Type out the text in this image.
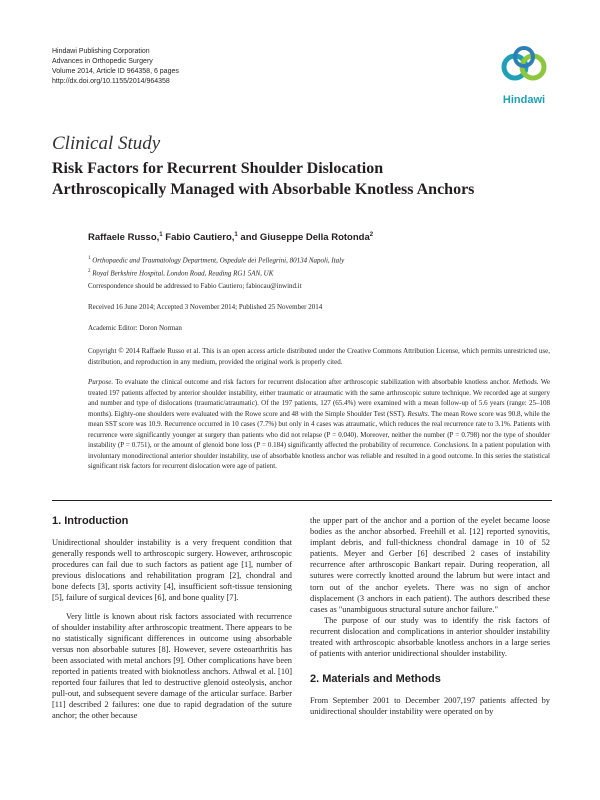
Hindawi Publishing Corporation
Advances in Orthopedic Surgery
Volume 2014, Article ID 964358, 6 pages
http://dx.doi.org/10.1155/2014/964358
Hindawi
Clinical Study
Risk Factors for Recurrent Shoulder Dislocation
Arthroscopically Managed with Absorbable Knotless Anchors
Raffaele Russo,$^1$ Fabio Cautiero,$^1$ and Giuseppe Della Rotonda$^2$
$^1$ Orthopaedic and Traumatology Department, Ospedale dei Pellegrini, 80134 Napoli, Italy
$^2$ Royal Berkshire Hospital, London Road, Reading RG1 5AN, UK
Correspondence should be addressed to Fabio Cautiero; fabiocau@inwind.it
Received 16 June 2014; Accepted 3 November 2014; Published 25 November 2014
Academic Editor: Doron Norman
Copyright © 2014 Raffaele Russo et al. This is an open access article distributed under the Creative Commons Attribution License, which permits unrestricted use, distribution, and reproduction in any medium, provided the original work is properly cited.
Purpose. To evaluate the clinical outcome and risk factors for recurrent dislocation after arthroscopic stabilization with absorbable knotless anchor. Methods. We treated 197 patients affected by anterior shoulder instability, either traumatic or atraumatic with the same arthroscopic suture technique. We recorded age at surgery and number and type of dislocations (traumatic/atraumatic). Of the 197 patients, 127 (65.4%) were examined with a mean follow-up of 5.6 years (range: 25–108 months). Eighty-one shoulders were evaluated with the Rowe score and 48 with the Simple Shoulder Test (SST). Results. The mean Rowe score was 90.8, while the mean SST score was 10.9. Recurrence occurred in 10 cases (7.7%) but only in 4 cases was atraumatic, which reduces the real recurrence rate to 3.1%. Patients with recurrence were significantly younger at surgery than patients who did not relapse (P = 0.040). Moreover, neither the number (P = 0.798) nor the type of shoulder instability (P = 0.751), or the amount of glenoid bone loss (P = 0.184) significantly affected the probability of recurrence. Conclusions. In a patient population with involuntary monodirectional anterior shoulder instability, use of absorbable knotless anchor was reliable and resulted in a good outcome. In this series the statistical significant risk factors for recurrent dislocation were age of patient.
1. Introduction

Unidirectional shoulder instability is a very frequent condition that generally responds well to arthroscopic surgery. However, arthroscopic procedures can fail due to such factors as patient age [1], number of previous dislocations and rehabilitation program [2], chondral and bone defects [3], sports activity [4], insufficient soft-tissue tensioning [5], failure of surgical devices [6], and bone quality [7].

Very little is known about risk factors associated with recurrence of shoulder instability after arthroscopic treatment. There appears to be no statistically significant differences in outcome using absorbable versus non absorbable sutures [8]. However, severe osteoarthritis has been associated with metal anchors [9]. Other complications have been reported in patients treated with bioknotless anchors. Athwal et al. [10] reported four failures that led to destructive glenoid osteolysis, anchor pull-out, and subsequent severe damage of the articular surface. Barber [11] described 2 failures: one due to rapid degradation of the suture anchor; the other because

the upper part of the anchor and a portion of the eyelet became loose bodies as the anchor absorbed. Freehill et al. [12] reported synovitis, implant debris, and full-thickness chondral damage in 10 of 52 patients. Meyer and Gerber [6] described 2 cases of instability recurrence after arthroscopic Bankart repair. During reoperation, all sutures were correctly knotted around the labrum but were intact and torn out of the anchor eyelets. There was no sign of anchor displacement (3 anchors in each patient). The authors described these cases as "unambiguous structural suture anchor failure."

The purpose of our study was to identify the risk factors of recurrent dislocation and complications in anterior shoulder instability treated with arthroscopic absorbable knotless anchors in a large series of patients with anterior unidirectional shoulder instability.

2. Materials and Methods

From September 2001 to December 2007,197 patients affected by unidirectional shoulder instability were operated on by
